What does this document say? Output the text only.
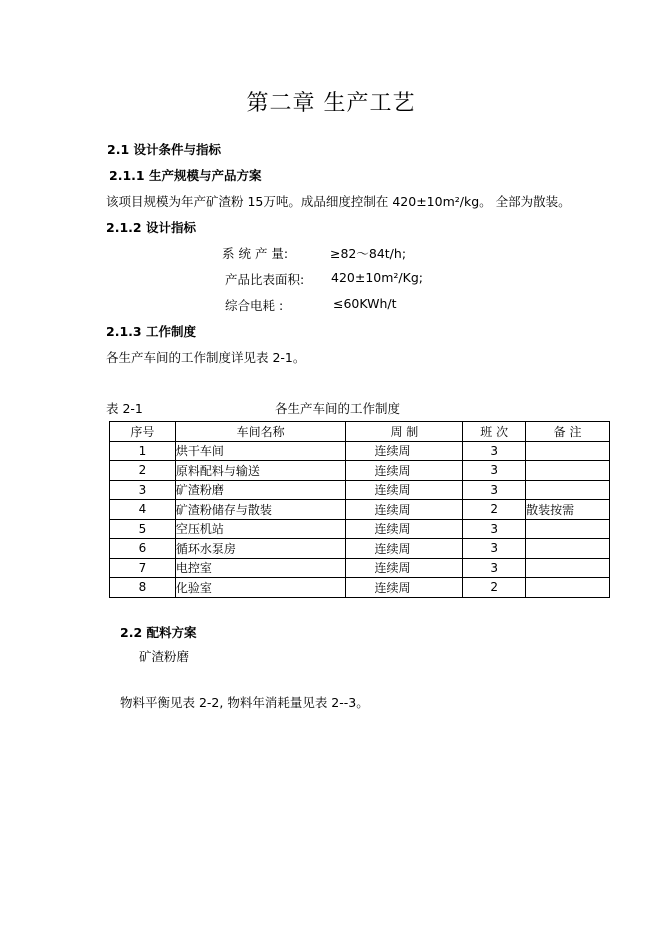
第二章 生产工艺
2.1 设计条件与指标
2.1.1 生产规模与产品方案
该项目规模为年产矿渣粉 15万吨。成品细度控制在 420±10m²/kg。 全部为散装。
2.1.2 设计指标
系 统 产 量:	≥82～84t/h;
产品比表面积: 420±10m²/Kg;
综合电耗 :	≤60KWh/t
2.1.3 工作制度
各生产车间的工作制度详见表 2-1。
表 2-1	各生产车间的工作制度
序号	车间名称	周 制	班 次	备 注
1	烘干车间	连续周	3	
2	原料配料与输送	连续周	3	
3	矿渣粉磨	连续周	3	
4	矿渣粉储存与散装	连续周	2	散装按需
5	空压机站	连续周	3	
6	循环水泵房	连续周	3	
7	电控室	连续周	3	
8	化验室	连续周	2	
2.2 配料方案
矿渣粉磨
物料平衡见表 2-2, 物料年消耗量见表 2--3。
